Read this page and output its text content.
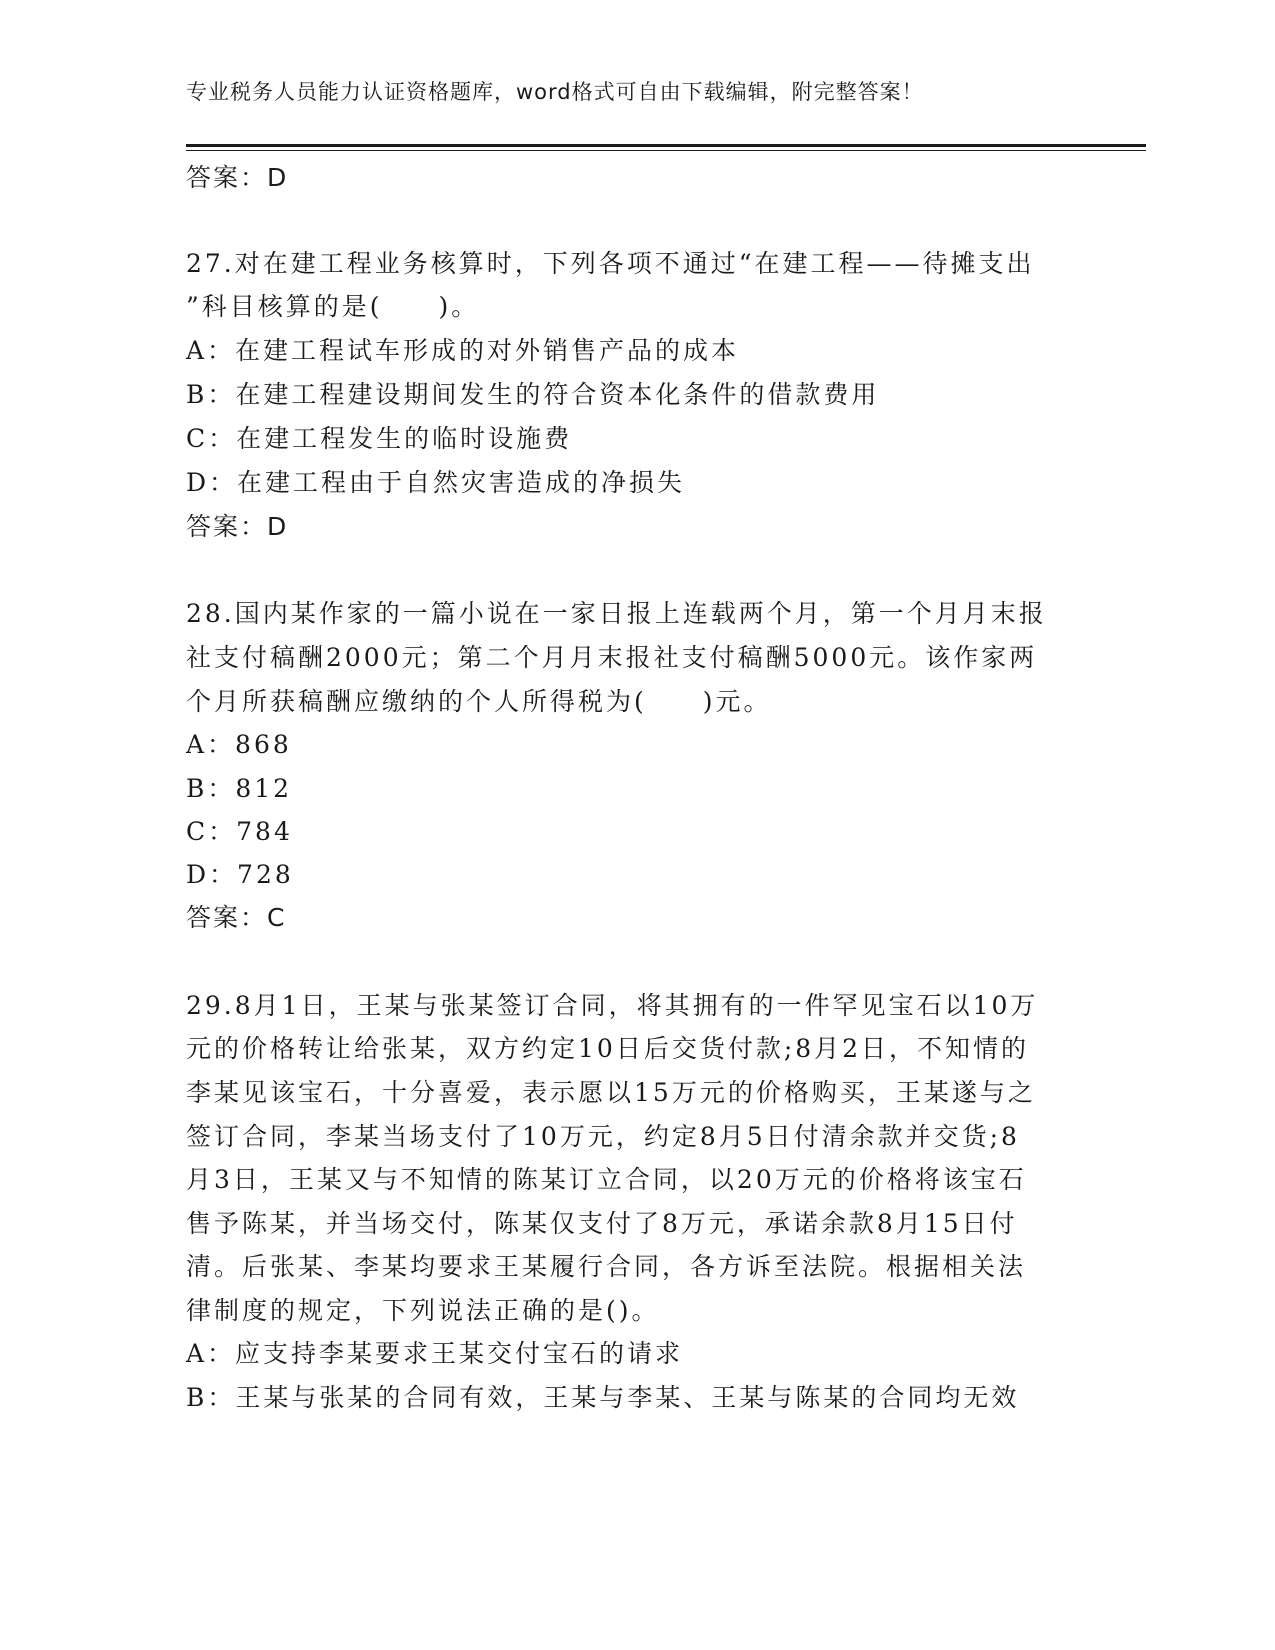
专业税务人员能力认证资格题库，word格式可自由下载编辑，附完整答案！
答案：D
27.对在建工程业务核算时，下列各项不通过“在建工程——待摊支出
”科目核算的是(　　)。
A：在建工程试车形成的对外销售产品的成本
B：在建工程建设期间发生的符合资本化条件的借款费用
C：在建工程发生的临时设施费
D：在建工程由于自然灾害造成的净损失
答案：D
28.国内某作家的一篇小说在一家日报上连载两个月，第一个月月末报
社支付稿酬2000元；第二个月月末报社支付稿酬5000元。该作家两
个月所获稿酬应缴纳的个人所得税为(　　)元。
A：868
B：812
C：784
D：728
答案：C
29.8月1日，王某与张某签订合同，将其拥有的一件罕见宝石以10万
元的价格转让给张某，双方约定10日后交货付款;8月2日，不知情的
李某见该宝石，十分喜爱，表示愿以15万元的价格购买，王某遂与之
签订合同，李某当场支付了10万元，约定8月5日付清余款并交货;8
月3日，王某又与不知情的陈某订立合同，以20万元的价格将该宝石
售予陈某，并当场交付，陈某仅支付了8万元，承诺余款8月15日付
清。后张某、李某均要求王某履行合同，各方诉至法院。根据相关法
律制度的规定，下列说法正确的是()。
A：应支持李某要求王某交付宝石的请求
B：王某与张某的合同有效，王某与李某、王某与陈某的合同均无效
